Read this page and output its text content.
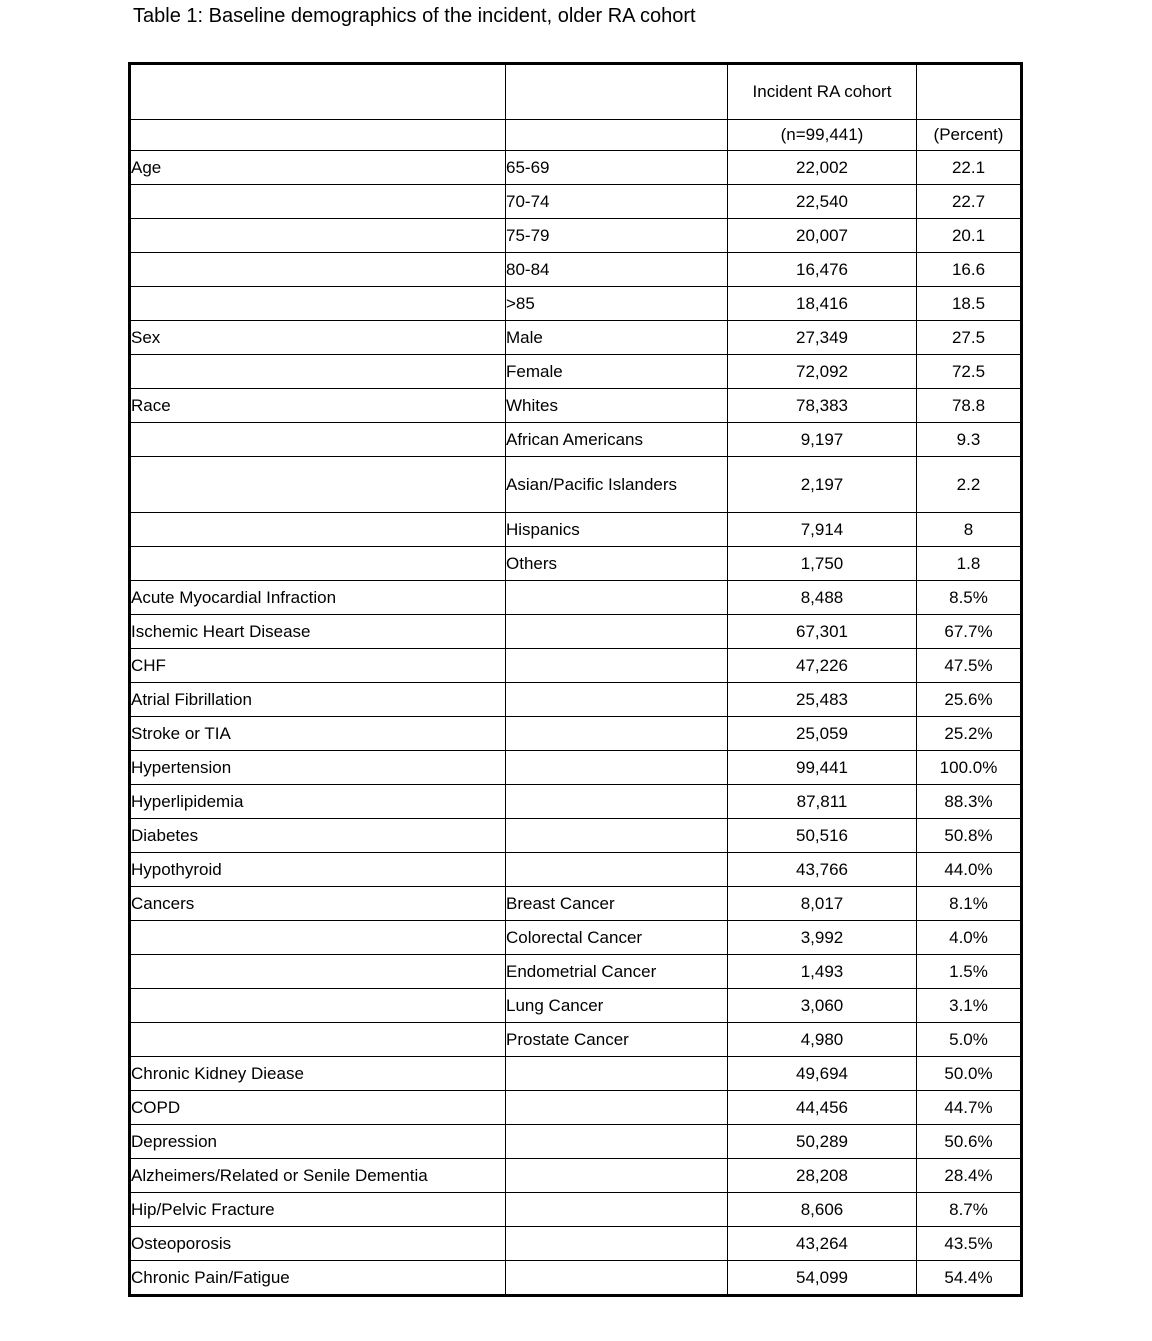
Table 1: Baseline demographics of the incident, older RA cohort
		Incident RA cohort	
		(n=99,441)	(Percent)
Age	65-69	22,002	22.1
	70-74	22,540	22.7
	75-79	20,007	20.1
	80-84	16,476	16.6
	>85	18,416	18.5
Sex	Male	27,349	27.5
	Female	72,092	72.5
Race	Whites	78,383	78.8
	African Americans	9,197	9.3
	Asian/Pacific Islanders	2,197	2.2
	Hispanics	7,914	8
	Others	1,750	1.8
Acute Myocardial Infraction		8,488	8.5%
Ischemic Heart Disease		67,301	67.7%
CHF		47,226	47.5%
Atrial Fibrillation		25,483	25.6%
Stroke or TIA		25,059	25.2%
Hypertension		99,441	100.0%
Hyperlipidemia		87,811	88.3%
Diabetes		50,516	50.8%
Hypothyroid		43,766	44.0%
Cancers	Breast Cancer	8,017	8.1%
	Colorectal Cancer	3,992	4.0%
	Endometrial Cancer	1,493	1.5%
	Lung Cancer	3,060	3.1%
	Prostate Cancer	4,980	5.0%
Chronic Kidney Diease		49,694	50.0%
COPD		44,456	44.7%
Depression		50,289	50.6%
Alzheimers/Related or Senile Dementia		28,208	28.4%
Hip/Pelvic Fracture		8,606	8.7%
Osteoporosis		43,264	43.5%
Chronic Pain/Fatigue		54,099	54.4%
